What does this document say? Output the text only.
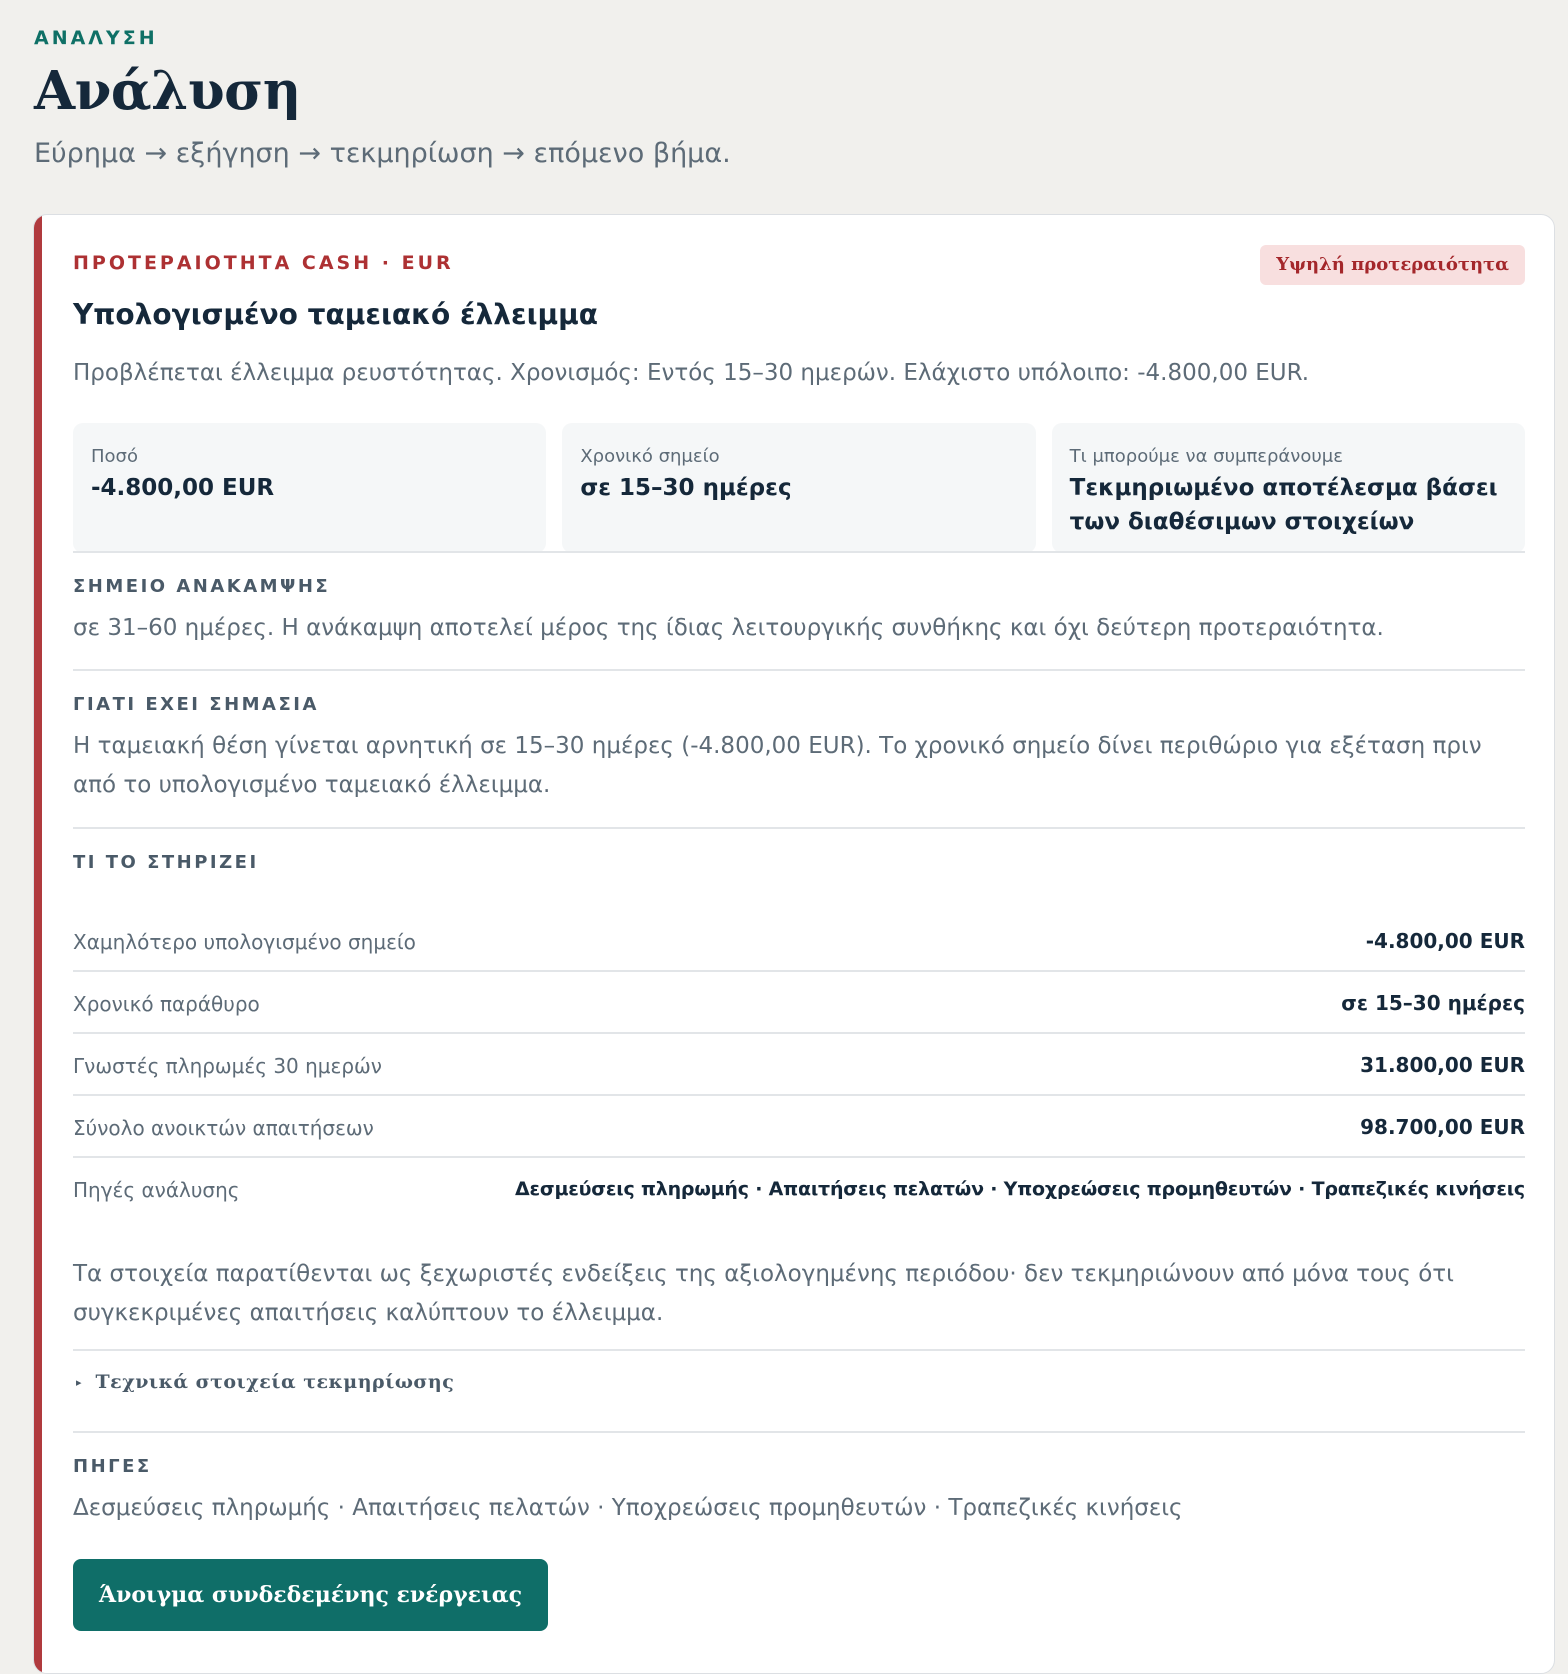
ΑΝΑΛΥΣΗ
Ανάλυση
Εύρημα → εξήγηση → τεκμηρίωση → επόμενο βήμα.
ΠΡΟΤΕΡΑΙΟΤΗΤΑ CASH · EUR	Υψηλή προτεραιότητα
Υπολογισμένο ταμειακό έλλειμμα
Προβλέπεται έλλειμμα ρευστότητας. Χρονισμός: Εντός 15–30 ημερών. Ελάχιστο υπόλοιπο: -4.800,00 EUR.
Ποσό
-4.800,00 EUR
Χρονικό σημείο
σε 15–30 ημέρες
Τι μπορούμε να συμπεράνουμε
Τεκμηριωμένο αποτέλεσμα βάσει των διαθέσιμων στοιχείων
ΣΗΜΕΙΟ ΑΝΑΚΑΜΨΗΣ
σε 31–60 ημέρες. Η ανάκαμψη αποτελεί μέρος της ίδιας λειτουργικής συνθήκης και όχι δεύτερη προτεραιότητα.
ΓΙΑΤΙ ΕΧΕΙ ΣΗΜΑΣΙΑ
Η ταμειακή θέση γίνεται αρνητική σε 15–30 ημέρες (-4.800,00 EUR). Το χρονικό σημείο δίνει περιθώριο για εξέταση πριν από το υπολογισμένο ταμειακό έλλειμμα.
ΤΙ ΤΟ ΣΤΗΡΙΖΕΙ
Χαμηλότερο υπολογισμένο σημείο	-4.800,00 EUR
Χρονικό παράθυρο	σε 15–30 ημέρες
Γνωστές πληρωμές 30 ημερών	31.800,00 EUR
Σύνολο ανοικτών απαιτήσεων	98.700,00 EUR
Πηγές ανάλυσης	Δεσμεύσεις πληρωμής · Απαιτήσεις πελατών · Υποχρεώσεις προμηθευτών · Τραπεζικές κινήσεις
Τα στοιχεία παρατίθενται ως ξεχωριστές ενδείξεις της αξιολογημένης περιόδου· δεν τεκμηριώνουν από μόνα τους ότι συγκεκριμένες απαιτήσεις καλύπτουν το έλλειμμα.
▸ Τεχνικά στοιχεία τεκμηρίωσης
ΠΗΓΕΣ
Δεσμεύσεις πληρωμής · Απαιτήσεις πελατών · Υποχρεώσεις προμηθευτών · Τραπεζικές κινήσεις
Άνοιγμα συνδεδεμένης ενέργειας
